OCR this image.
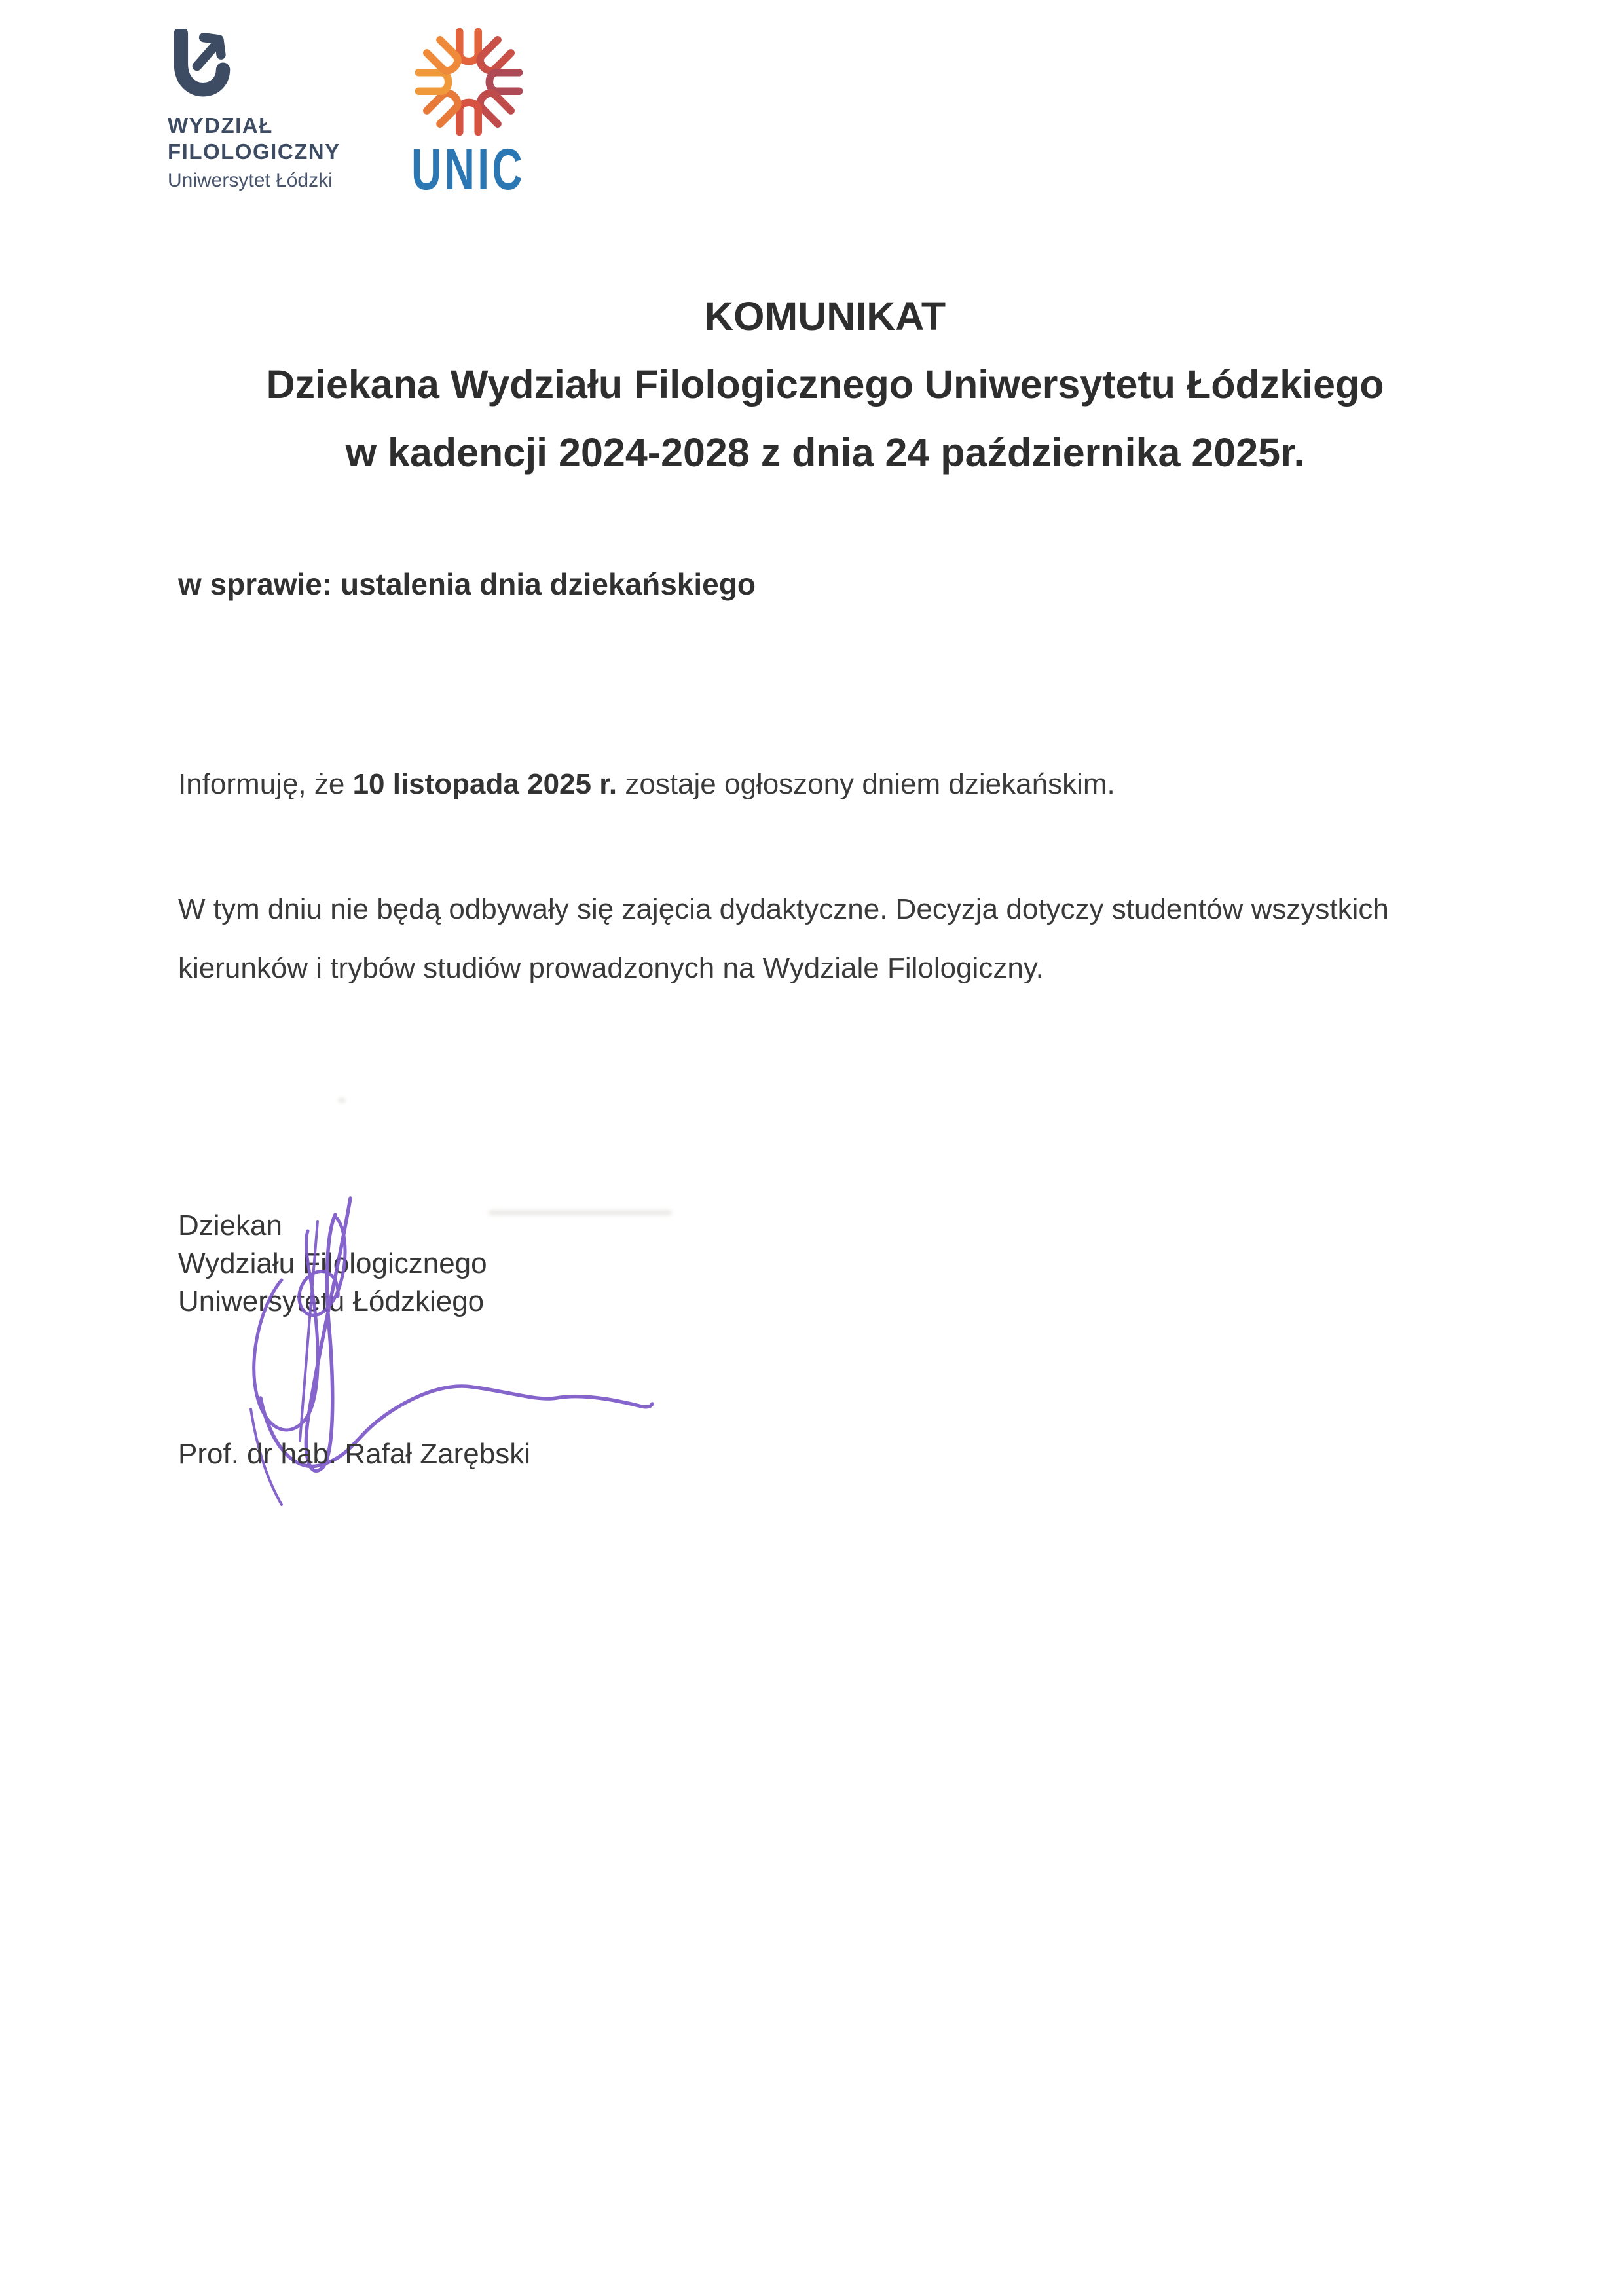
WYDZIAŁ
FILOLOGICZNY
Uniwersytet Łódzki	UNIC
KOMUNIKAT
Dziekana Wydziału Filologicznego Uniwersytetu Łódzkiego
w kadencji 2024-2028 z dnia 24 października 2025r.
w sprawie: ustalenia dnia dziekańskiego
Informuję, że 10 listopada 2025 r. zostaje ogłoszony dniem dziekańskim.
W tym dniu nie będą odbywały się zajęcia dydaktyczne. Decyzja dotyczy studentów wszystkich
kierunków i trybów studiów prowadzonych na Wydziale Filologiczny.
Dziekan
Wydziału Filologicznego
Uniwersytetu Łódzkiego
Prof. dr hab. Rafał Zarębski
